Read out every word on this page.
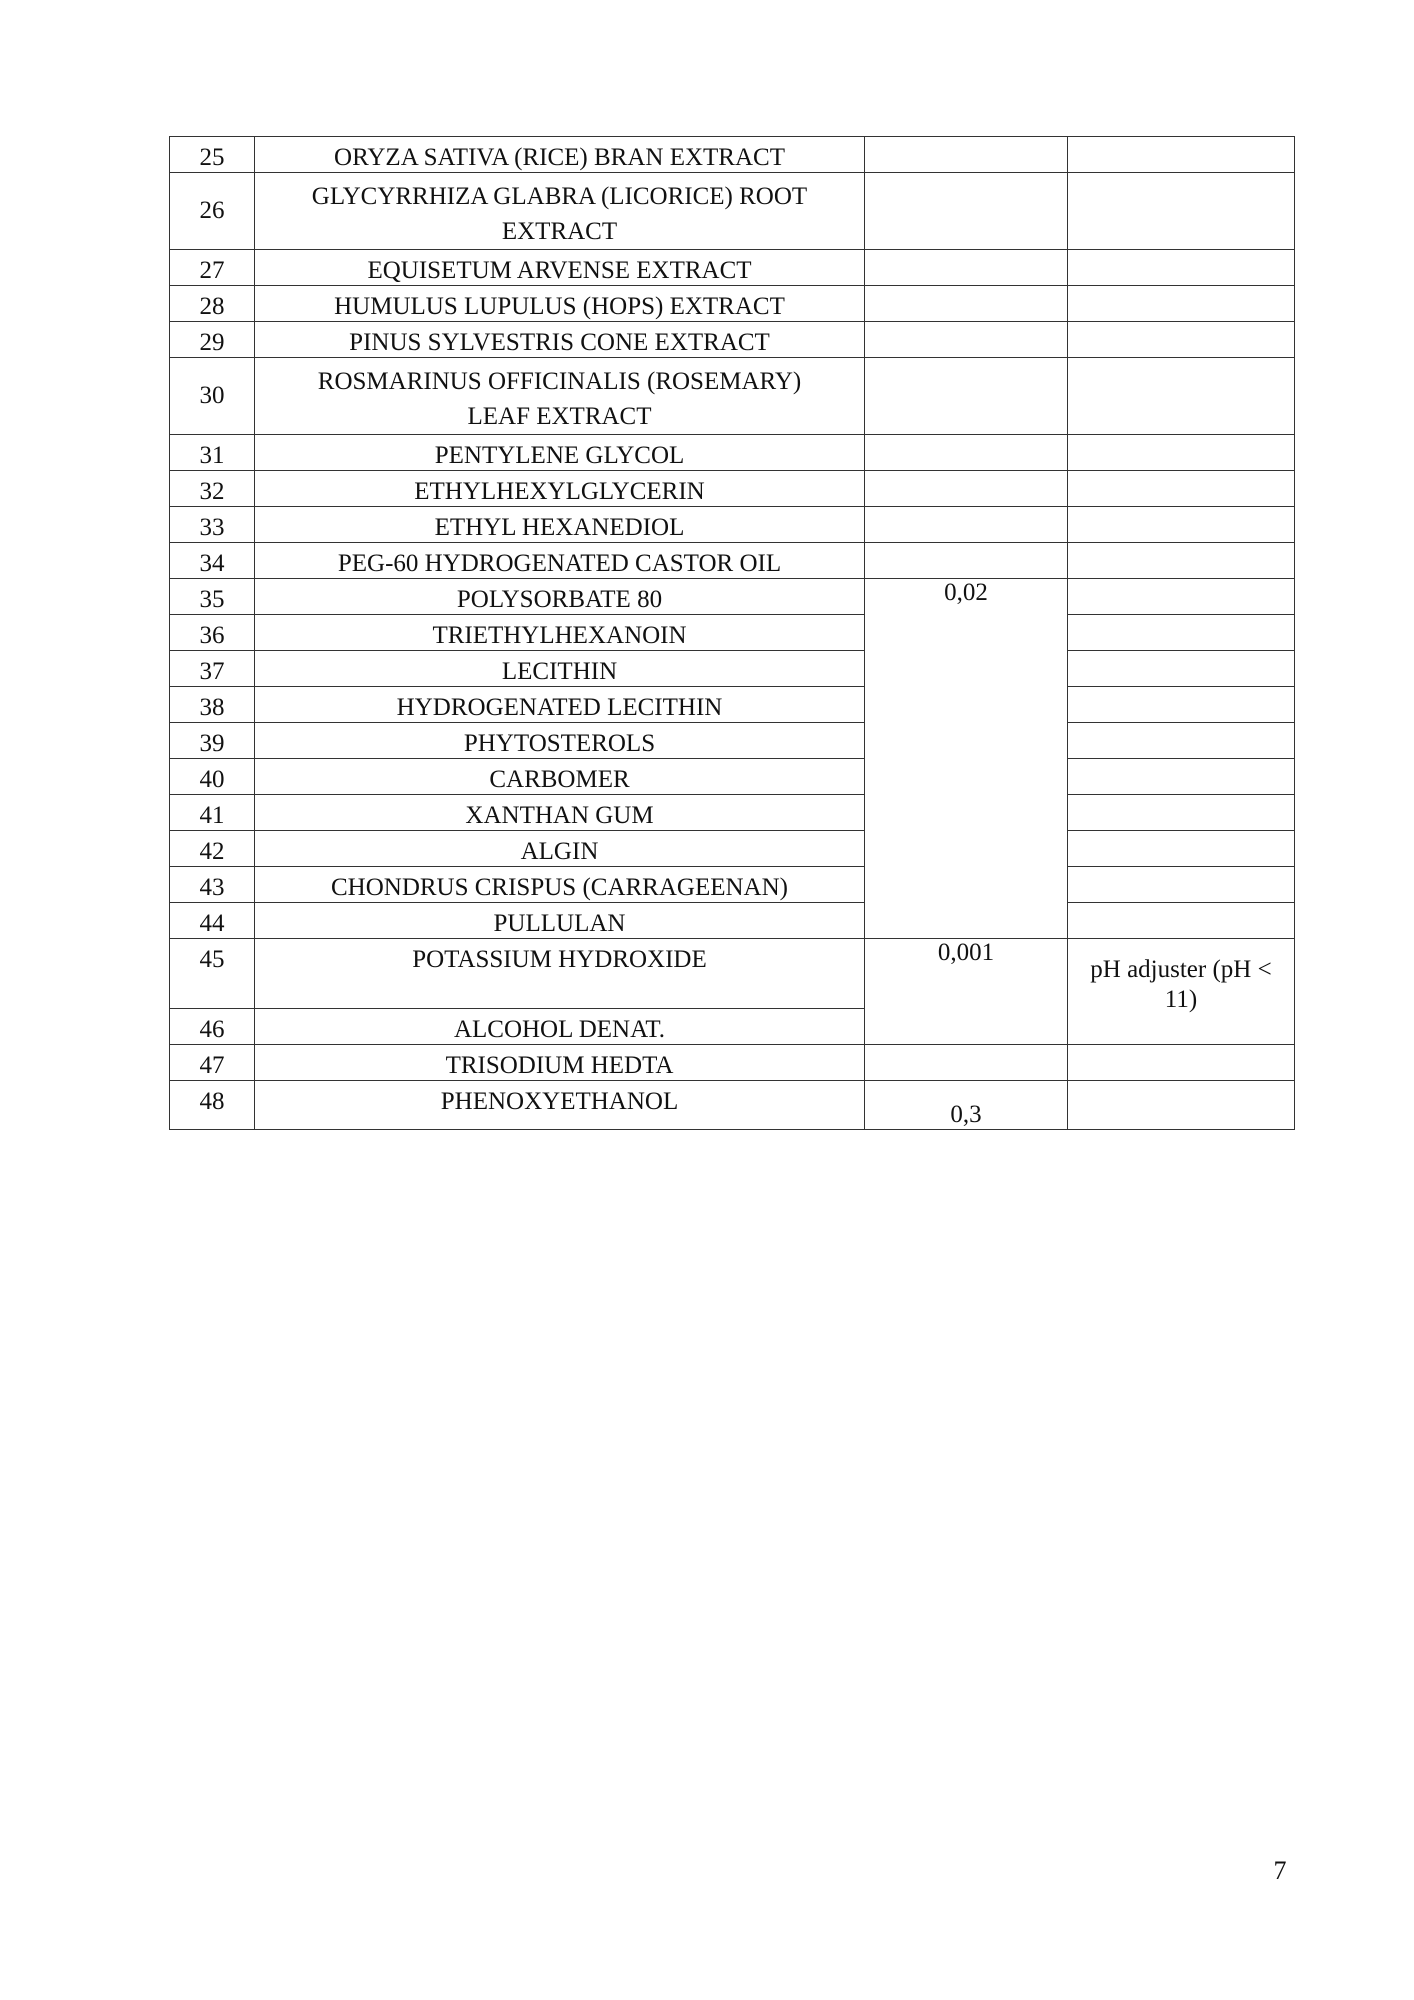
25	ORYZA SATIVA (RICE) BRAN EXTRACT		

26	GLYCYRRHIZA GLABRA (LICORICE) ROOT
EXTRACT		

27	EQUISETUM ARVENSE EXTRACT		

28	HUMULUS LUPULUS (HOPS) EXTRACT		

29	PINUS SYLVESTRIS CONE EXTRACT		

30	ROSMARINUS OFFICINALIS (ROSEMARY)
LEAF EXTRACT		

31	PENTYLENE GLYCOL		

32	ETHYLHEXYLGLYCERIN		

33	ETHYL HEXANEDIOL		

34	PEG-60 HYDROGENATED CASTOR OIL		

35	POLYSORBATE 80	0,02	

36	TRIETHYLHEXANOIN		

37	LECITHIN		

38	HYDROGENATED LECITHIN		

39	PHYTOSTEROLS		

40	CARBOMER		

41	XANTHAN GUM		

42	ALGIN		

43	CHONDRUS CRISPUS (CARRAGEENAN)		

44	PULLULAN		

45	POTASSIUM HYDROXIDE	0,001	pH adjuster (pH < 11)

46	ALCOHOL DENAT.		

47	TRISODIUM HEDTA		

48	PHENOXYETHANOL	0,3	

7
